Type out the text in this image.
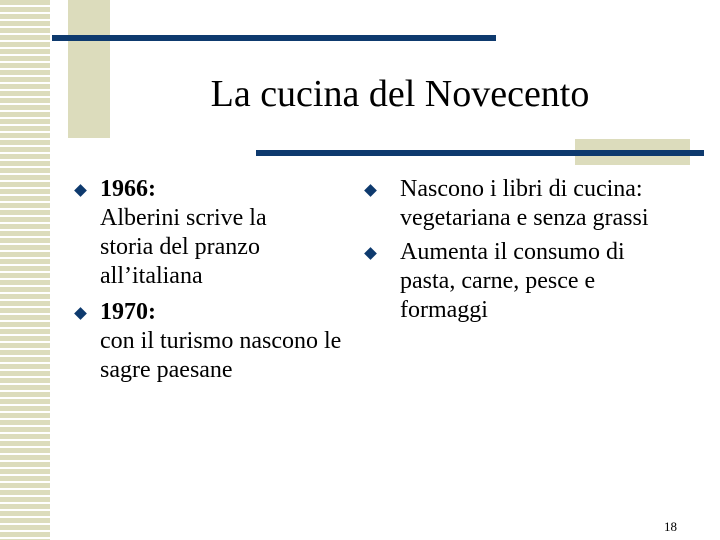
La cucina del Novecento
1966:
Alberini scrive la storia del pranzo all’italiana
1970:
con il turismo nascono le sagre paesane
Nascono i libri di cucina: vegetariana e senza grassi
Aumenta il consumo di pasta, carne, pesce e formaggi
18
